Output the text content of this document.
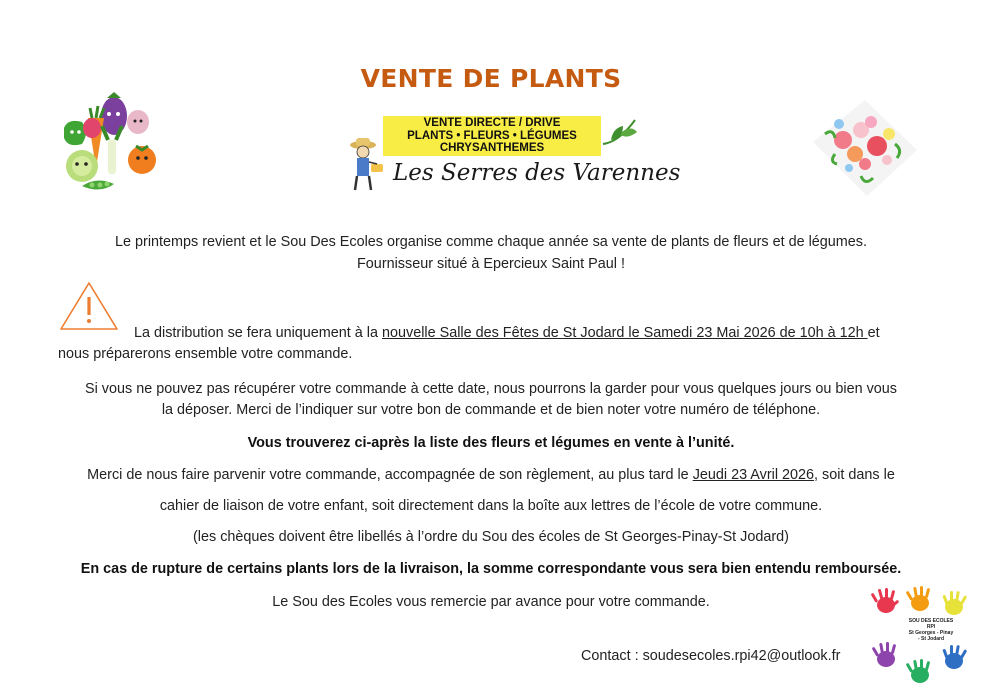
VENTE DE PLANTS
VENTE DIRECTE / DRIVE
PLANTS • FLEURS • LÉGUMES
CHRYSANTHEMES
Les Serres des Varennes
Le printemps revient et le Sou Des Ecoles organise comme chaque année sa vente de plants de fleurs et de légumes.
Fournisseur situé à Epercieux Saint Paul !
La distribution se fera uniquement à la nouvelle Salle des Fêtes de St Jodard le Samedi 23 Mai 2026 de 10h à 12h et
nous préparerons ensemble votre commande.
Si vous ne pouvez pas récupérer votre commande à cette date, nous pourrons la garder pour vous quelques jours ou bien vous
la déposer. Merci de l’indiquer sur votre bon de commande et de bien noter votre numéro de téléphone.
Vous trouverez ci-après la liste des fleurs et légumes en vente à l’unité.
Merci de nous faire parvenir votre commande, accompagnée de son règlement, au plus tard le Jeudi 23 Avril 2026, soit dans le
cahier de liaison de votre enfant, soit directement dans la boîte aux lettres de l’école de votre commune.
(les chèques doivent être libellés à l’ordre du Sou des écoles de St Georges-Pinay-St Jodard)
En cas de rupture de certains plants lors de la livraison, la somme correspondante vous sera bien entendu remboursée.
Le Sou des Ecoles vous remercie par avance pour votre commande.
Contact : soudesecoles.rpi42@outlook.fr
SOU DES ECOLES
RPI
St Georges - Pinay
- St Jodard
